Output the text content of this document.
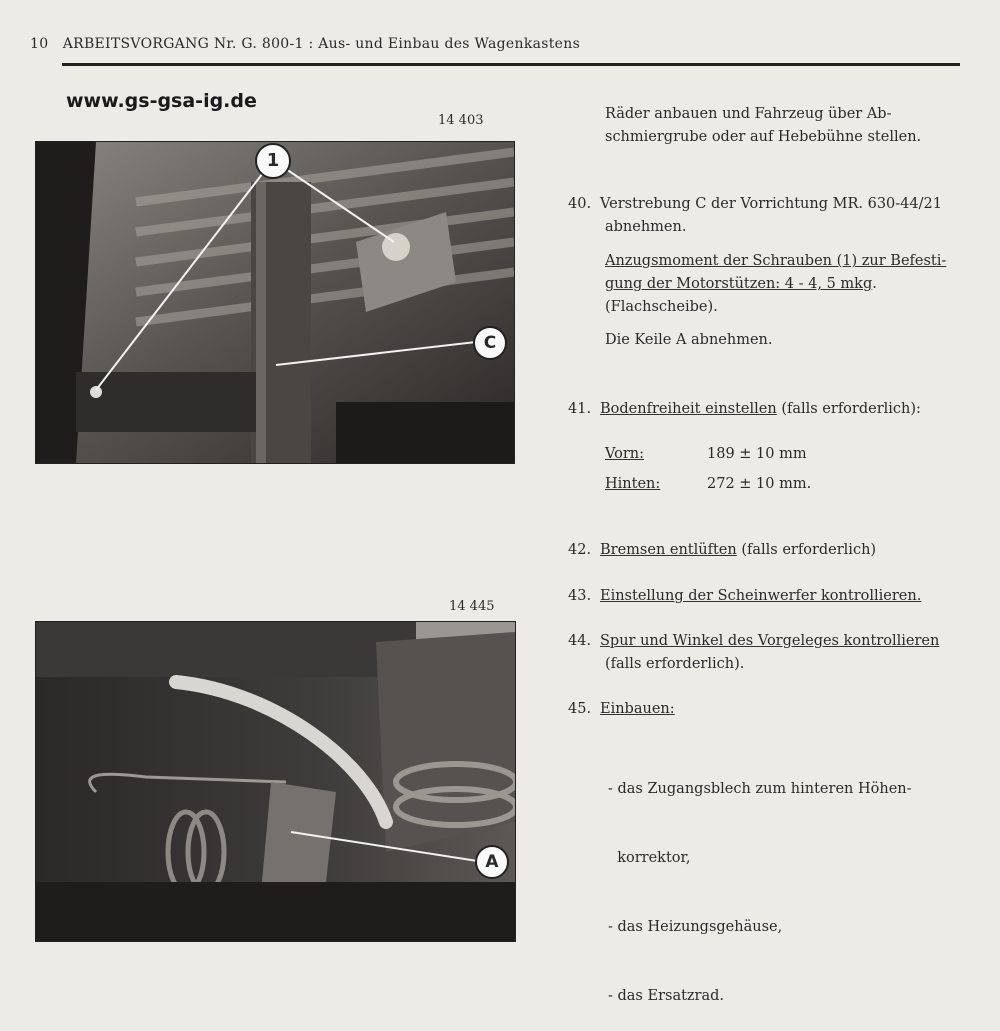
10 ARBEITSVORGANG Nr. G. 800-1 : Aus- und Einbau des Wagenkastens
www.gs-gsa-ig.de
14 403
1
C
14 445
A
Räder anbauen und Fahrzeug über Ab-
schmiergrube oder auf Hebebühne stellen.
40. Verstrebung C der Vorrichtung MR. 630-44/21
abnehmen.
Anzugsmoment der Schrauben (1) zur Befesti-
gung der Motorstützen: 4 - 4, 5 mkg.
(Flachscheibe).
Die Keile A abnehmen.
41. Bodenfreiheit einstellen (falls erforderlich):
Vorn:	189 ± 10 mm
Hinten:	272 ± 10 mm.
42. Bremsen entlüften (falls erforderlich)
43. Einstellung der Scheinwerfer kontrollieren.
44. Spur und Winkel des Vorgeleges kontrollieren
(falls erforderlich).
45. Einbauen:

- das Zugangsblech zum hinteren Höhen-

korrektor,

- das Heizungsgehäuse,

- das Ersatzrad.
